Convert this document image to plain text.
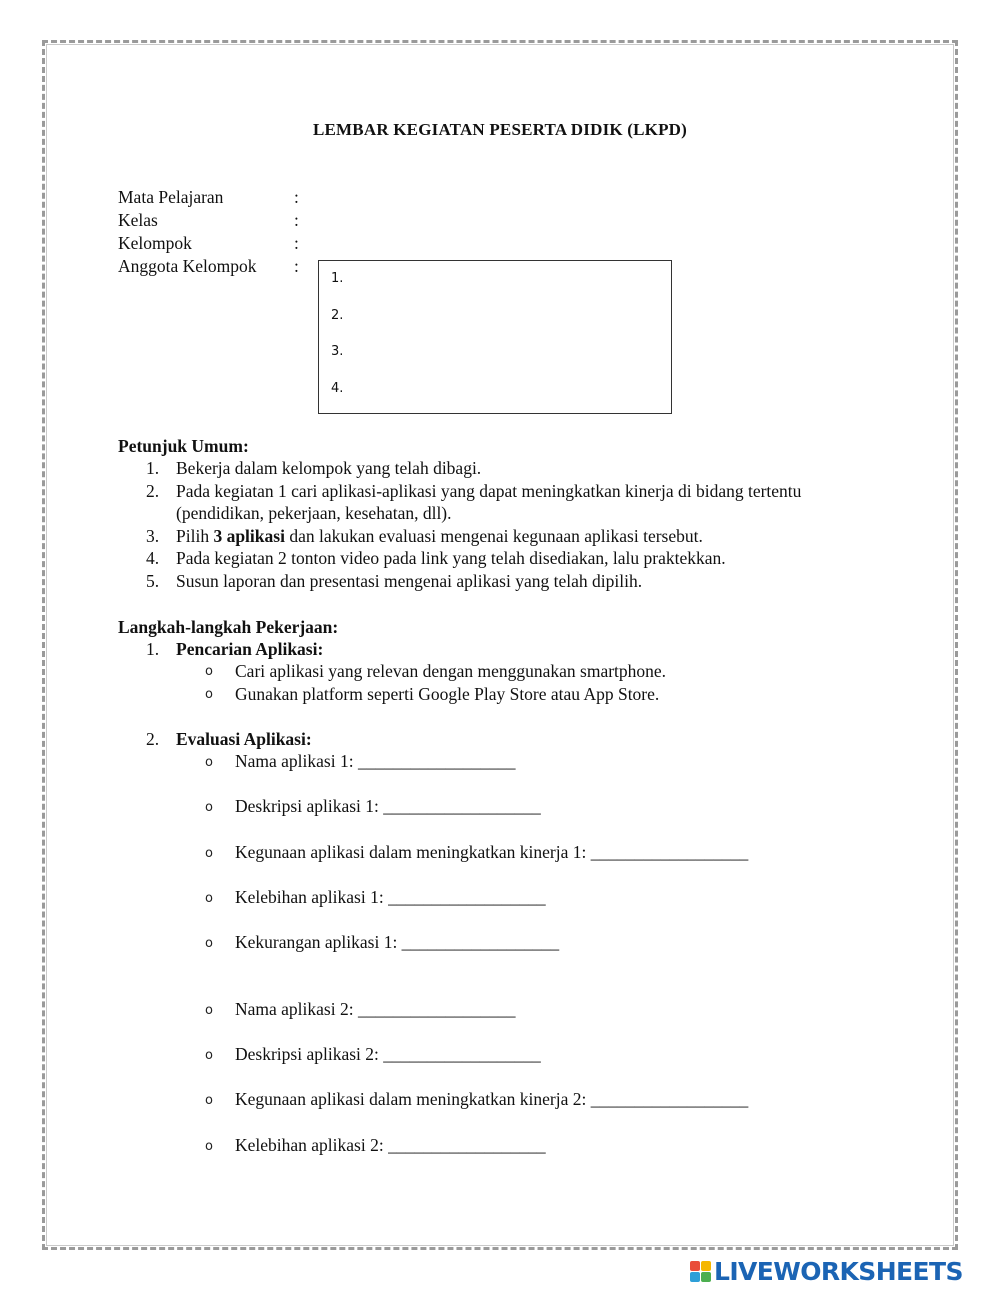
LEMBAR KEGIATAN PESERTA DIDIK (LKPD)
Mata Pelajaran	:
Kelas	:
Kelompok	:
Anggota Kelompok :
1.
2.
3.
4.
Petunjuk Umum:
1. Bekerja dalam kelompok yang telah dibagi.
2. Pada kegiatan 1 cari aplikasi-aplikasi yang dapat meningkatkan kinerja di bidang tertentu
(pendidikan, pekerjaan, kesehatan, dll).
3. Pilih 3 aplikasi dan lakukan evaluasi mengenai kegunaan aplikasi tersebut.
4. Pada kegiatan 2 tonton video pada link yang telah disediakan, lalu praktekkan.
5. Susun laporan dan presentasi mengenai aplikasi yang telah dipilih.
Langkah-langkah Pekerjaan:
1. Pencarian Aplikasi:
o Cari aplikasi yang relevan dengan menggunakan smartphone.
o Gunakan platform seperti Google Play Store atau App Store.
2. Evaluasi Aplikasi:
o Nama aplikasi 1: __________________
o Deskripsi aplikasi 1: __________________
o Kegunaan aplikasi dalam meningkatkan kinerja 1: __________________
o Kelebihan aplikasi 1: __________________
o Kekurangan aplikasi 1: __________________
o Nama aplikasi 2: __________________
o Deskripsi aplikasi 2: __________________
o Kegunaan aplikasi dalam meningkatkan kinerja 2: __________________
o Kelebihan aplikasi 2: __________________
LIVEWORKSHEETS
